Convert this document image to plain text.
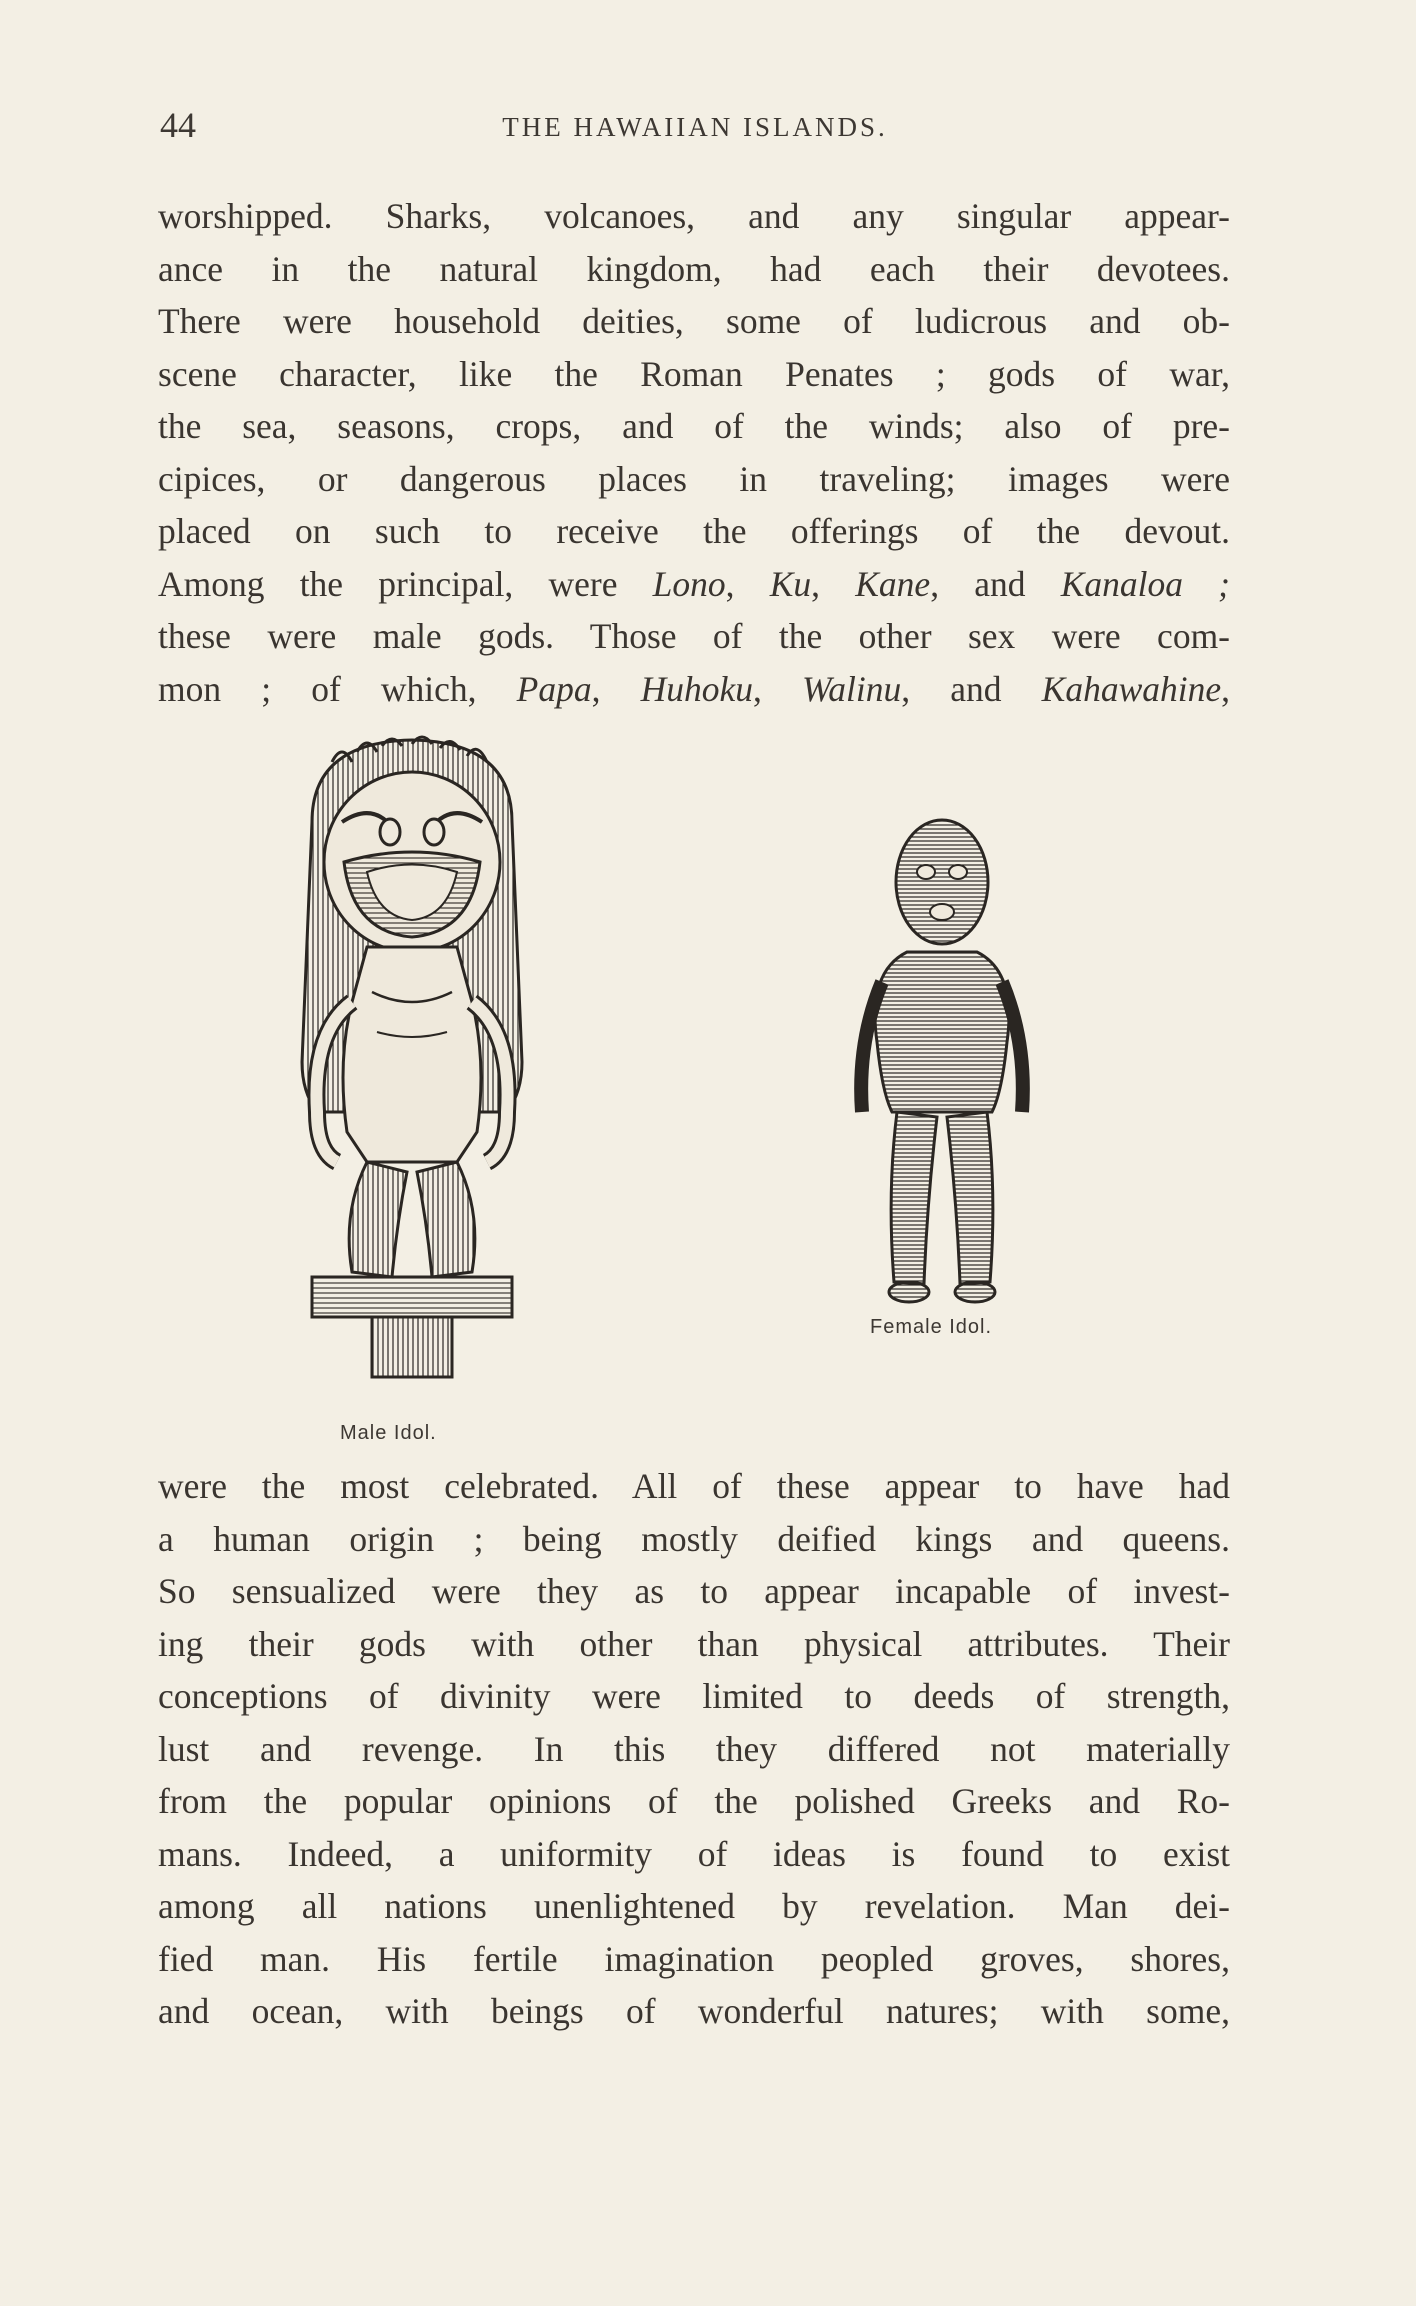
44	THE HAWAIIAN ISLANDS.
worshipped. Sharks, volcanoes, and any singular appear-
ance in the natural kingdom, had each their devotees.
There were household deities, some of ludicrous and ob-
scene character, like the Roman Penates ; gods of war,
the sea, seasons, crops, and of the winds; also of pre-
cipices, or dangerous places in traveling; images were
placed on such to receive the offerings of the devout.
Among the principal, were Lono, Ku, Kane, and Kanaloa ;
these were male gods. Those of the other sex were com-
mon ; of which, Papa, Huhoku, Walinu, and Kahawahine,
Male Idol.
Female Idol.
were the most celebrated. All of these appear to have had
a human origin ; being mostly deified kings and queens.
So sensualized were they as to appear incapable of invest-
ing their gods with other than physical attributes. Their
conceptions of divinity were limited to deeds of strength,
lust and revenge. In this they differed not materially
from the popular opinions of the polished Greeks and Ro-
mans. Indeed, a uniformity of ideas is found to exist
among all nations unenlightened by revelation. Man dei-
fied man. His fertile imagination peopled groves, shores,
and ocean, with beings of wonderful natures; with some,
